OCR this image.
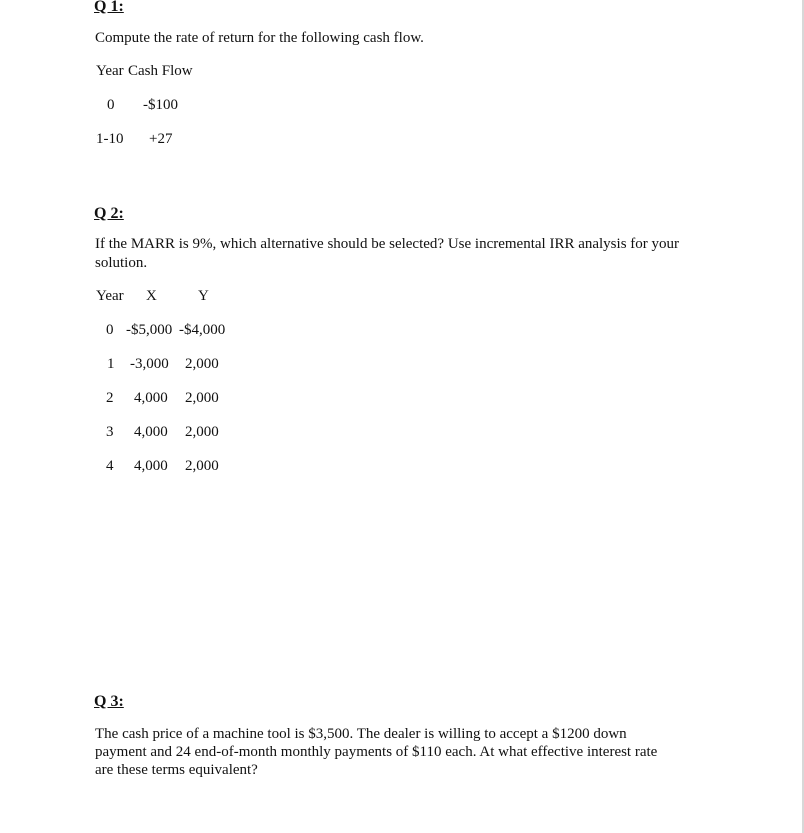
Q 1:
Compute the rate of return for the following cash flow.
Year Cash Flow
0 -$100
1-10 +27
Q 2:
If the MARR is 9%, which alternative should be selected? Use incremental IRR analysis for your
solution.
Year X	Y
0 -$5,000 -$4,000
1 -3,000 2,000
2 4,000 2,000
3 4,000 2,000
4 4,000 2,000
Q 3:
The cash price of a machine tool is $3,500. The dealer is willing to accept a $1200 down
payment and 24 end-of-month monthly payments of $110 each. At what effective interest rate
are these terms equivalent?
